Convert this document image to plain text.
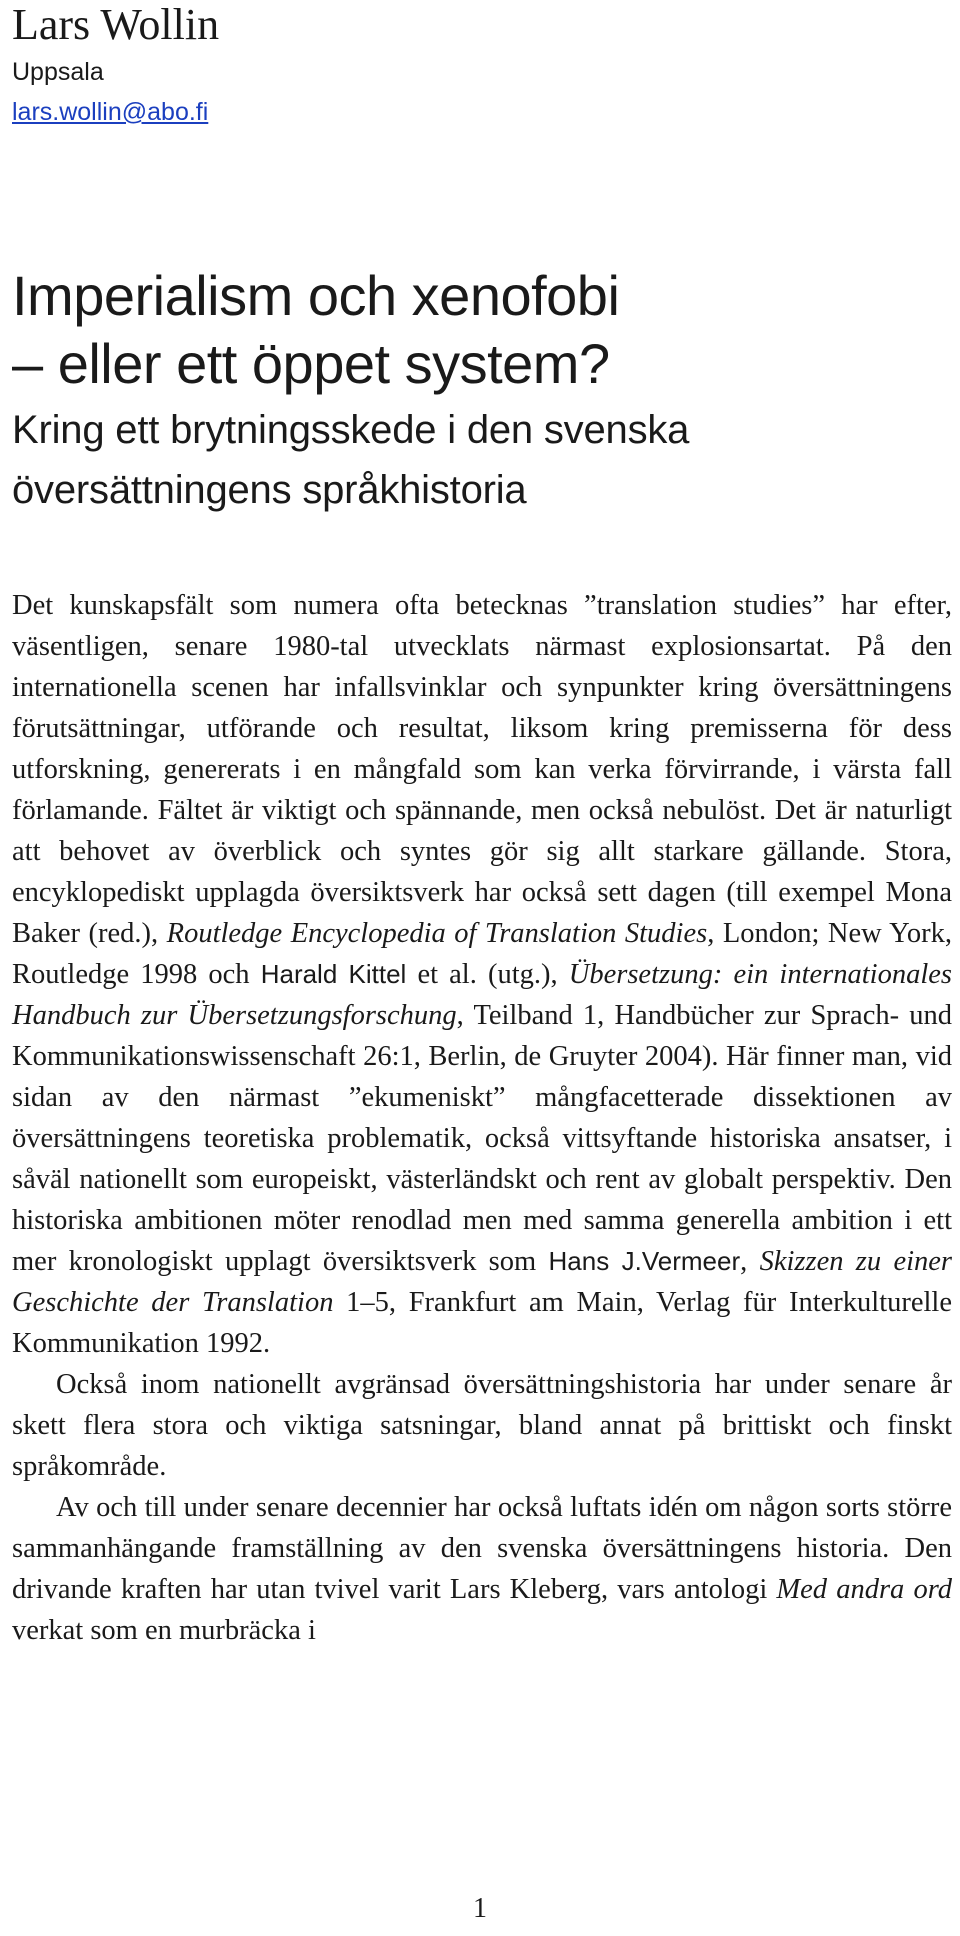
Lars Wollin
Uppsala
lars.wollin@abo.fi
Imperialism och xenofobi
– eller ett öppet system?
Kring ett brytningsskede i den svenska
översättningens språkhistoria

Det kunskapsfält som numera ofta betecknas ”translation studies” har efter, väsentligen, senare 1980-tal utvecklats närmast explosionsartat. På den internationella scenen har infallsvinklar och synpunkter kring översättningens förutsättningar, utförande och resultat, liksom kring premisserna för dess utforskning, genererats i en mångfald som kan verka förvirrande, i värsta fall förlamande. Fältet är viktigt och spännande, men också nebulöst. Det är naturligt att behovet av överblick och syntes gör sig allt starkare gällande. Stora, encyklopediskt upplagda översiktsverk har också sett dagen (till exempel Mona Baker (red.), Routledge Encyclopedia of Translation Studies, London; New York, Routledge 1998 och Harald Kittel et al. (utg.), Übersetzung: ein internationales Handbuch zur Übersetzungsforschung, Teilband 1, Handbücher zur Sprach- und Kommunikationswissenschaft 26:1, Berlin, de Gruyter 2004). Här finner man, vid sidan av den närmast ”ekumeniskt” mångfacetterade dissektionen av översättningens teoretiska problematik, också vittsyftande historiska ansatser, i såväl nationellt som europeiskt, västerländskt och rent av globalt perspektiv. Den historiska ambitionen möter renodlad men med samma generella ambition i ett mer kronologiskt upplagt översiktsverk som Hans J.Vermeer, Skizzen zu einer Geschichte der Translation 1–5, Frankfurt am Main, Verlag für Interkulturelle Kommunikation 1992.

Också inom nationellt avgränsad översättningshistoria har under senare år skett flera stora och viktiga satsningar, bland annat på brittiskt och finskt språkområde.

Av och till under senare decennier har också luftats idén om någon sorts större sammanhängande framställning av den svenska översättningens historia. Den drivande kraften har utan tvivel varit Lars Kleberg, vars antologi Med andra ord verkat som en murbräcka i

1
